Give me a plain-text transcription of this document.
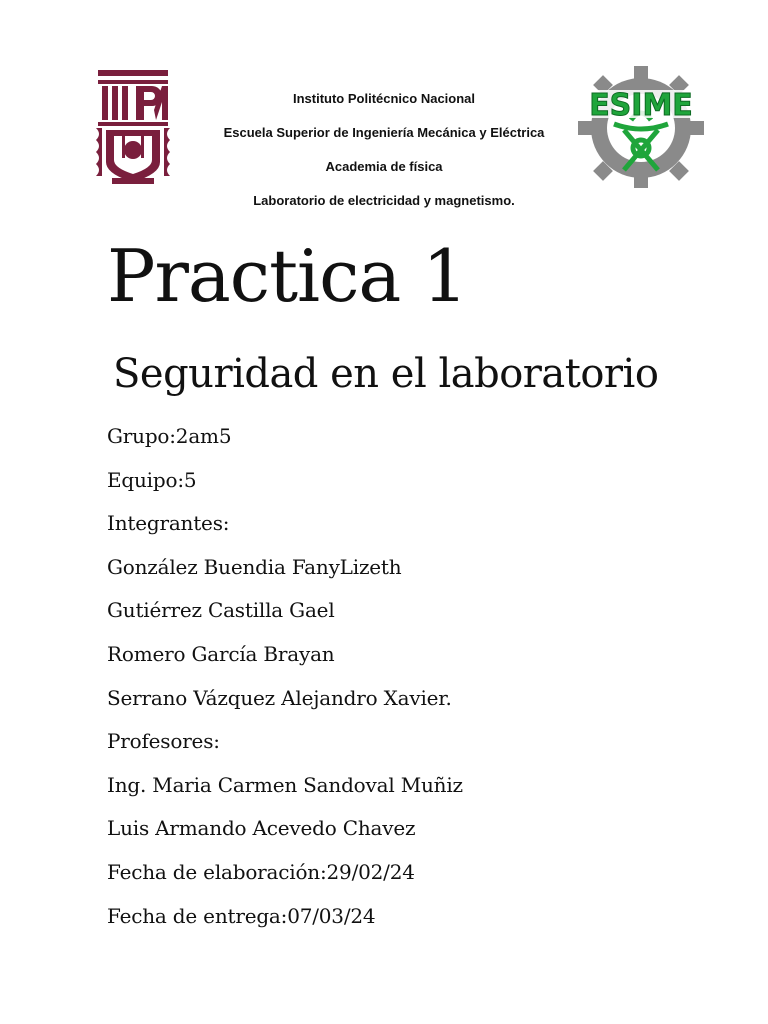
ESIME
Instituto Politécnico Nacional
Escuela Superior de Ingeniería Mecánica y Eléctrica
Academia de física
Laboratorio de electricidad y magnetismo.
Practica 1
Seguridad en el laboratorio
Grupo:2am5
Equipo:5
Integrantes:
González Buendia FanyLizeth
Gutiérrez Castilla Gael
Romero García Brayan
Serrano Vázquez Alejandro Xavier.
Profesores:
Ing. Maria Carmen Sandoval Muñiz
Luis Armando Acevedo Chavez
Fecha de elaboración:29/02/24
Fecha de entrega:07/03/24
